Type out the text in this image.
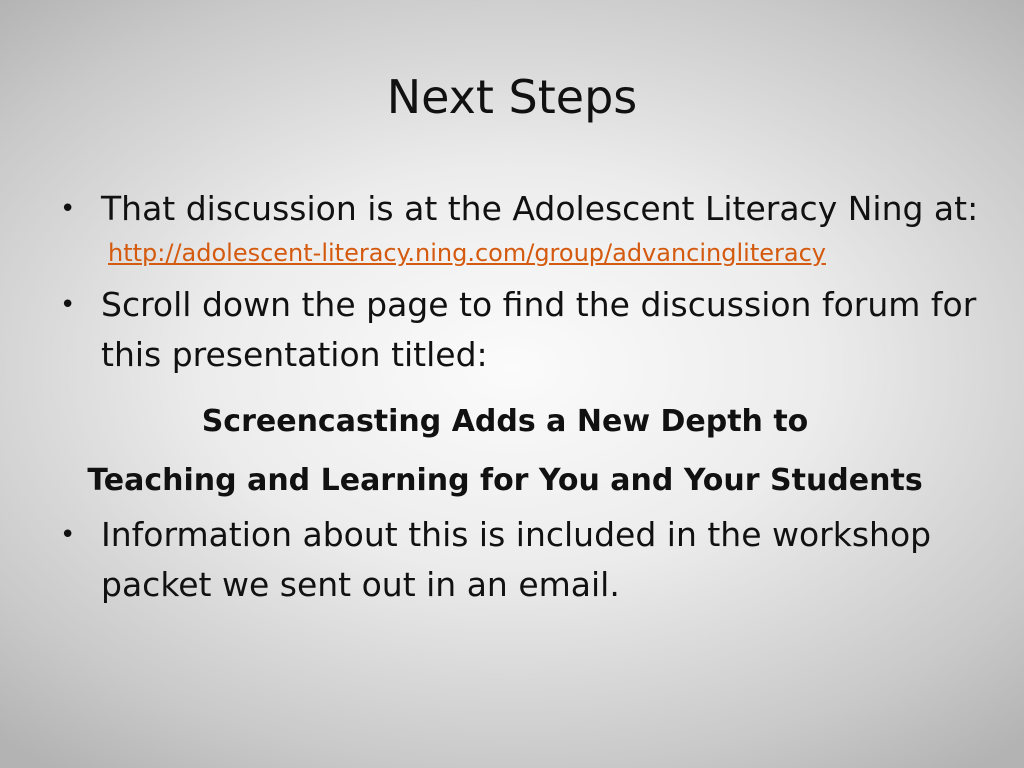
Next Steps

• That discussion is at the Adolescent Literacy Ning at:

http://adolescent-literacy.ning.com/group/advancingliteracy

• Scroll down the page to find the discussion forum for this presentation titled:

Screencasting Adds a New Depth to

Teaching and Learning for You and Your Students

• Information about this is included in the workshop packet we sent out in an email.
